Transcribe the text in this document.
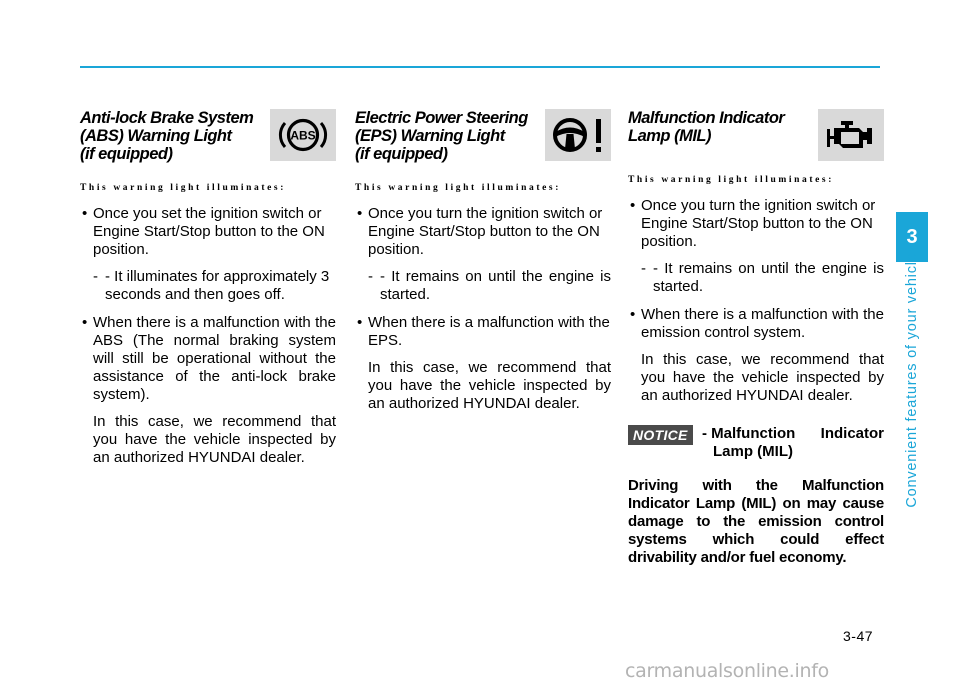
Anti-lock Brake System
(ABS) Warning Light
(if equipped)

ABS
This warning light illuminates:
• Once you set the ignition switch or Engine Start/Stop button to the ON position.
- - It illuminates for approximately 3 seconds and then goes off.
• When there is a malfunction with the ABS (The normal braking system will still be operational without the assistance of the anti-lock brake system).
In this case, we recommend that you have the vehicle inspected by an authorized HYUNDAI dealer.

Electric Power Steering
(EPS) Warning Light
(if equipped)

This warning light illuminates:
• Once you turn the ignition switch or Engine Start/Stop button to the ON position.
- - It remains on until the engine is started.
• When there is a malfunction with the EPS.
In this case, we recommend that you have the vehicle inspected by an authorized HYUNDAI dealer.

Malfunction Indicator
Lamp (MIL)

This warning light illuminates:
• Once you turn the ignition switch or Engine Start/Stop button to the ON position.
- - It remains on until the engine is started.
• When there is a malfunction with the emission control system.
In this case, we recommend that you have the vehicle inspected by an authorized HYUNDAI dealer.
NOTICE - Malfunction Indicator
Lamp (MIL)
Driving with the Malfunction Indicator Lamp (MIL) on may cause damage to the emission control systems which could effect drivability and/or fuel economy.
3
Convenient features of your vehicle
3-47
carmanualsonline.info
